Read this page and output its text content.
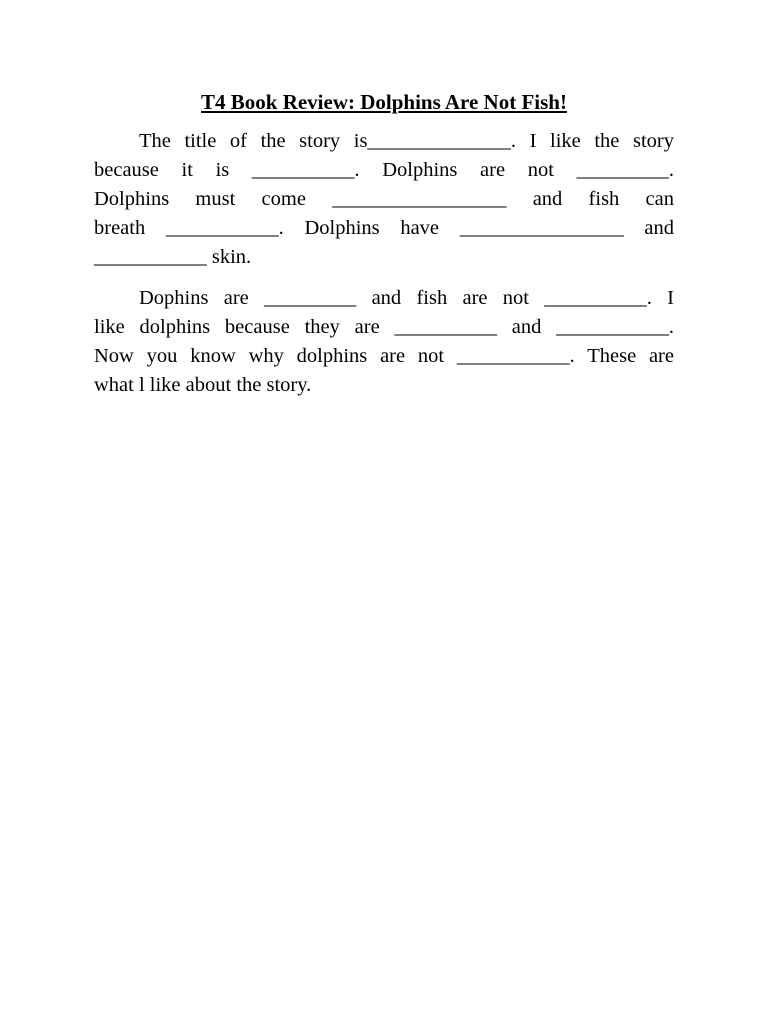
T4 Book Review: Dolphins Are Not Fish!
The title of the story is______________. I like the story
because it is __________. Dolphins are not _________.
Dolphins must come _________________ and fish can
breath ___________. Dolphins have ________________ and
___________ skin.
Dophins are _________ and fish are not __________. I
like dolphins because they are __________ and ___________.
Now you know why dolphins are not ___________. These are
what l like about the story.
